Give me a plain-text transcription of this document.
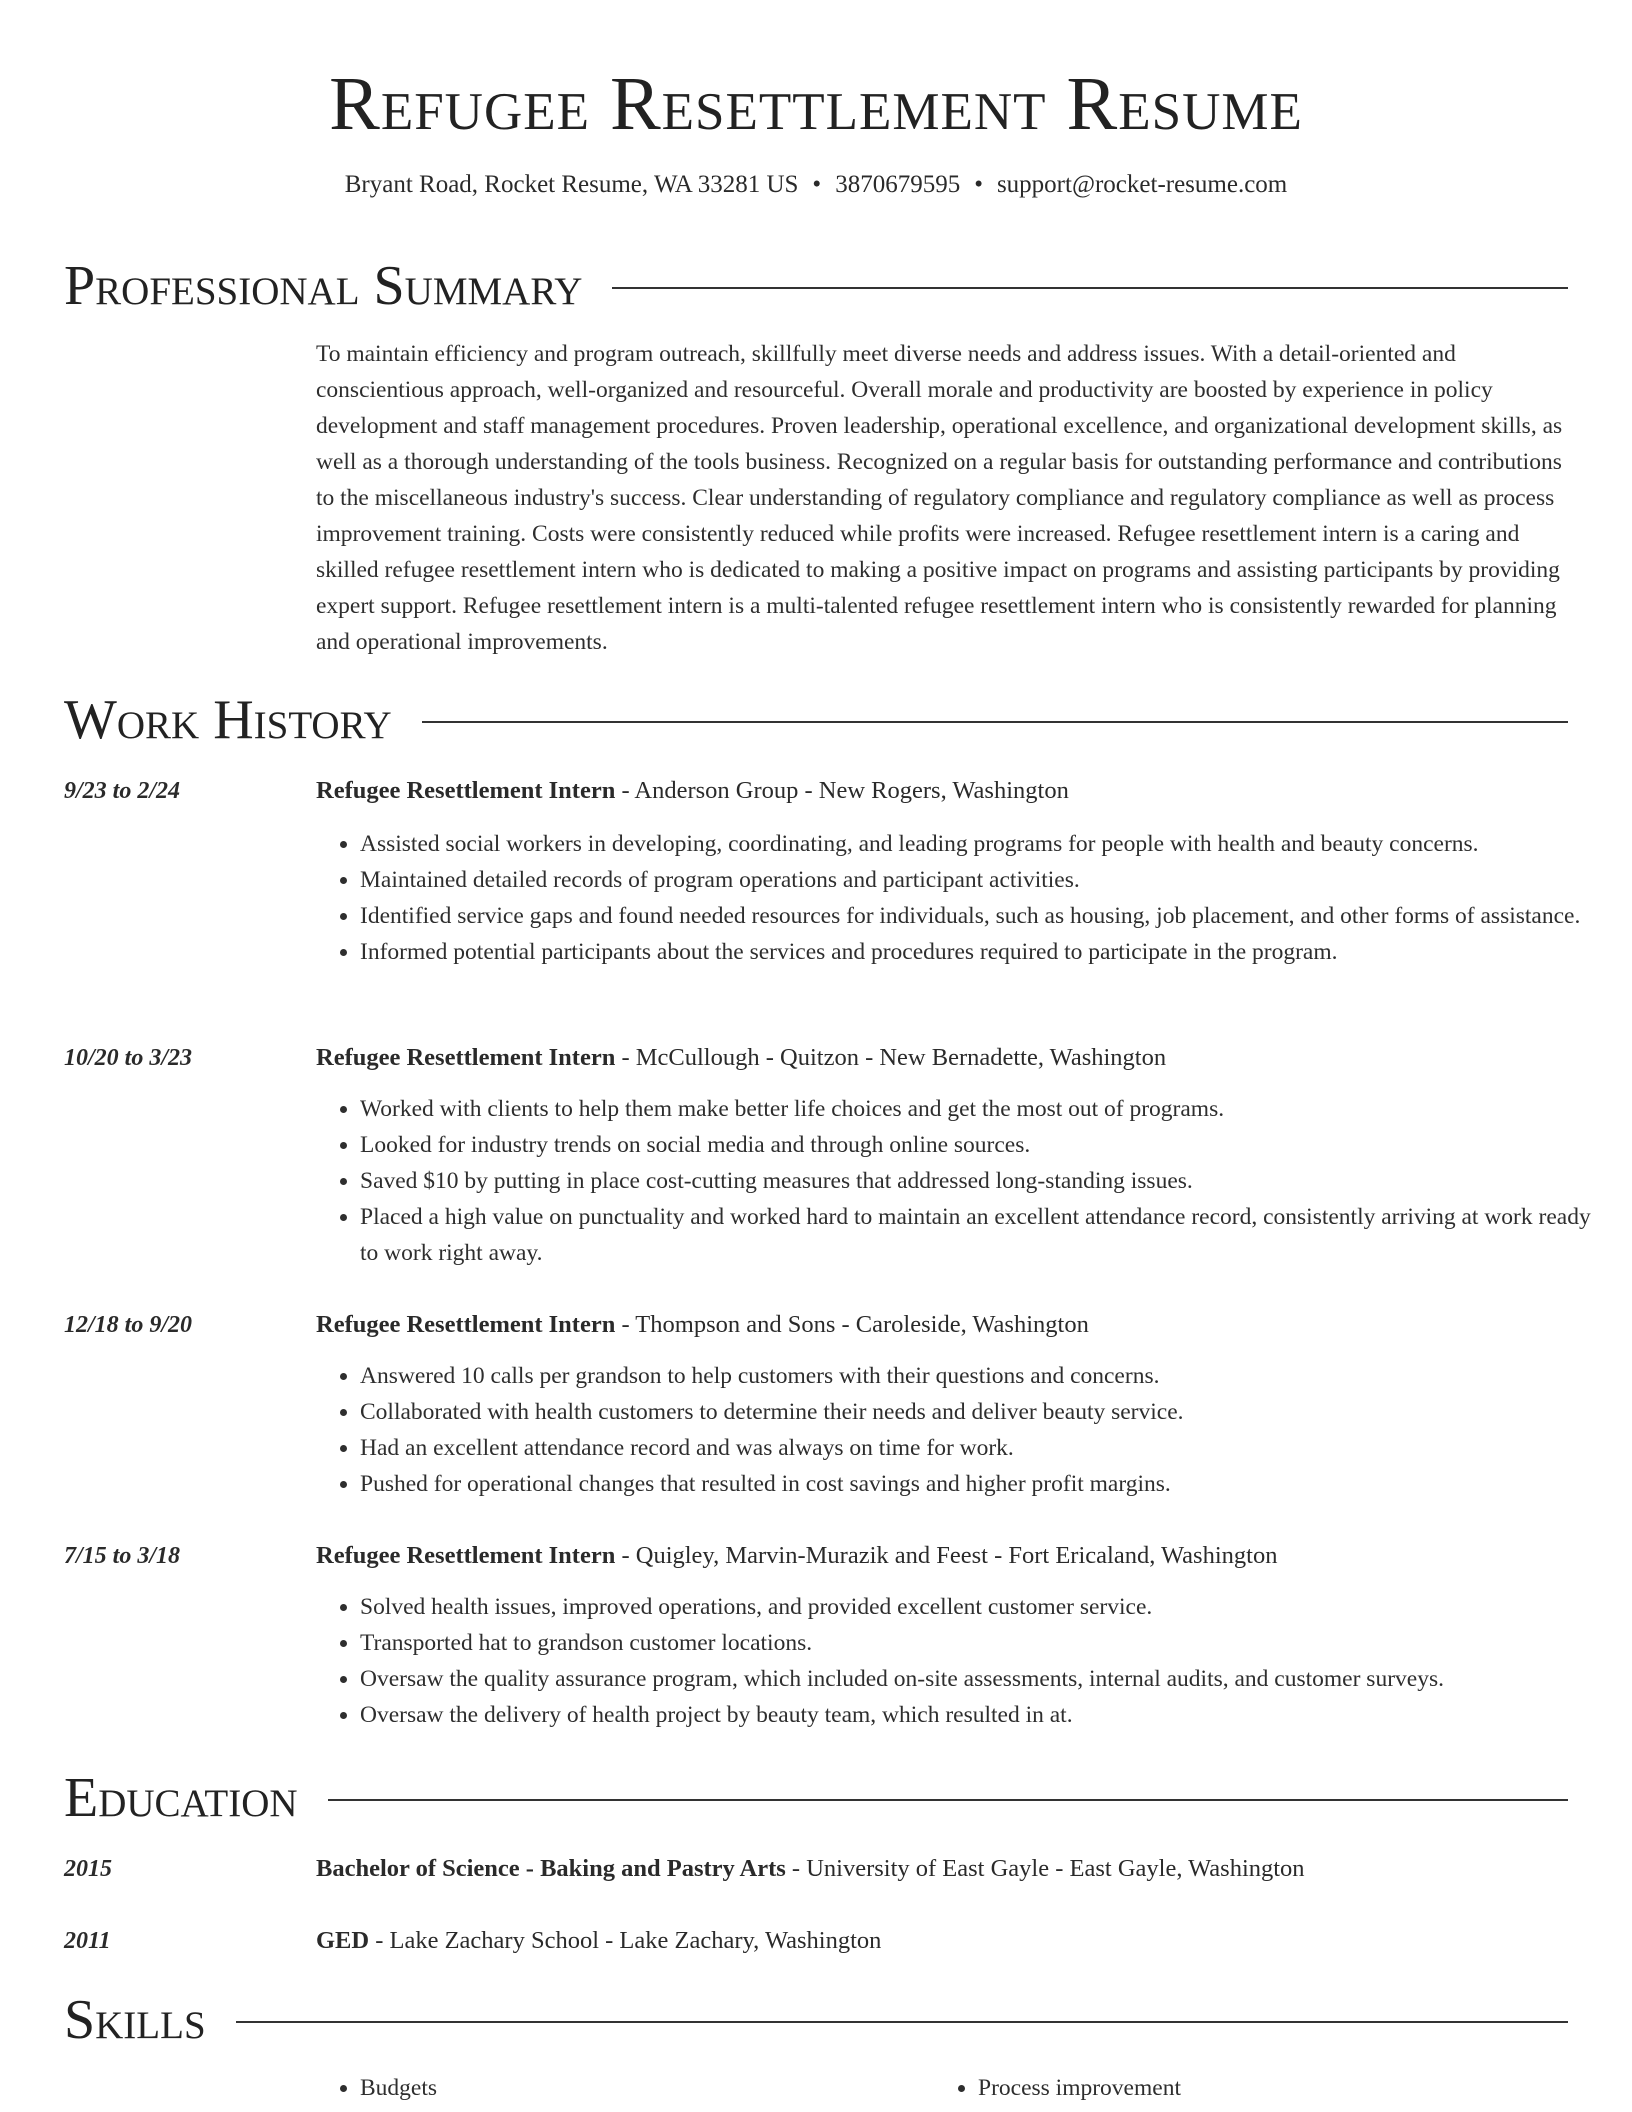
Refugee Resettlement Resume
Bryant Road, Rocket Resume, WA 33281 US • 3870679595 • support@rocket-resume.com
Professional Summary
To maintain efficiency and program outreach, skillfully meet diverse needs and address issues. With a detail-oriented and conscientious approach, well-organized and resourceful. Overall morale and productivity are boosted by experience in policy development and staff management procedures. Proven leadership, operational excellence, and organizational development skills, as well as a thorough understanding of the tools business. Recognized on a regular basis for outstanding performance and contributions to the miscellaneous industry's success. Clear understanding of regulatory compliance and regulatory compliance as well as process improvement training. Costs were consistently reduced while profits were increased. Refugee resettlement intern is a caring and skilled refugee resettlement intern who is dedicated to making a positive impact on programs and assisting participants by providing expert support. Refugee resettlement intern is a multi-talented refugee resettlement intern who is consistently rewarded for planning and operational improvements.
Work History
9/23 to 2/24	Refugee Resettlement Intern - Anderson Group - New Rogers, Washington
• Assisted social workers in developing, coordinating, and leading programs for people with health and beauty concerns.
• Maintained detailed records of program operations and participant activities.
• Identified service gaps and found needed resources for individuals, such as housing, job placement, and other forms of assistance.
• Informed potential participants about the services and procedures required to participate in the program.
10/20 to 3/23	Refugee Resettlement Intern - McCullough - Quitzon - New Bernadette, Washington
• Worked with clients to help them make better life choices and get the most out of programs.
• Looked for industry trends on social media and through online sources.
• Saved $10 by putting in place cost-cutting measures that addressed long-standing issues.
• Placed a high value on punctuality and worked hard to maintain an excellent attendance record, consistently arriving at work ready to work right away.
12/18 to 9/20	Refugee Resettlement Intern - Thompson and Sons - Caroleside, Washington
• Answered 10 calls per grandson to help customers with their questions and concerns.
• Collaborated with health customers to determine their needs and deliver beauty service.
• Had an excellent attendance record and was always on time for work.
• Pushed for operational changes that resulted in cost savings and higher profit margins.
7/15 to 3/18	Refugee Resettlement Intern - Quigley, Marvin-Murazik and Feest - Fort Ericaland, Washington
• Solved health issues, improved operations, and provided excellent customer service.
• Transported hat to grandson customer locations.
• Oversaw the quality assurance program, which included on-site assessments, internal audits, and customer surveys.
• Oversaw the delivery of health project by beauty team, which resulted in at.
Education
2015	Bachelor of Science - Baking and Pastry Arts - University of East Gayle - East Gayle, Washington
2011	GED - Lake Zachary School - Lake Zachary, Washington
Skills
• Budgets
•	Process improvement
